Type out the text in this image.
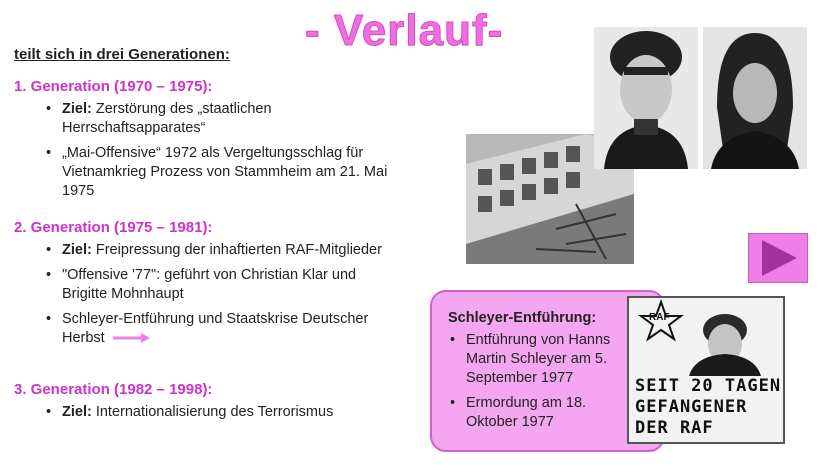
- Verlauf-
teilt sich in drei Generationen:
1. Generation (1970 – 1975):
• Ziel: Zerstörung des „staatlichen Herrschaftsapparates“
• „Mai-Offensive“ 1972 als Vergeltungsschlag für Vietnamkrieg Prozess von Stammheim am 21. Mai 1975
2. Generation (1975 – 1981):
• Ziel: Freipressung der inhaftierten RAF-Mitglieder
• "Offensive '77": geführt von Christian Klar und Brigitte Mohnhaupt
• Schleyer-Entführung und Staatskrise Deutscher Herbst
3. Generation (1982 – 1998):
• Ziel: Internationalisierung des Terrorismus
Schleyer-Entführung:
• Entführung von Hanns Martin Schleyer am 5. September 1977
• Ermordung am 18. Oktober 1977
RAF
SEIT 20 TAGEN
GEFANGENER
DER RAF
